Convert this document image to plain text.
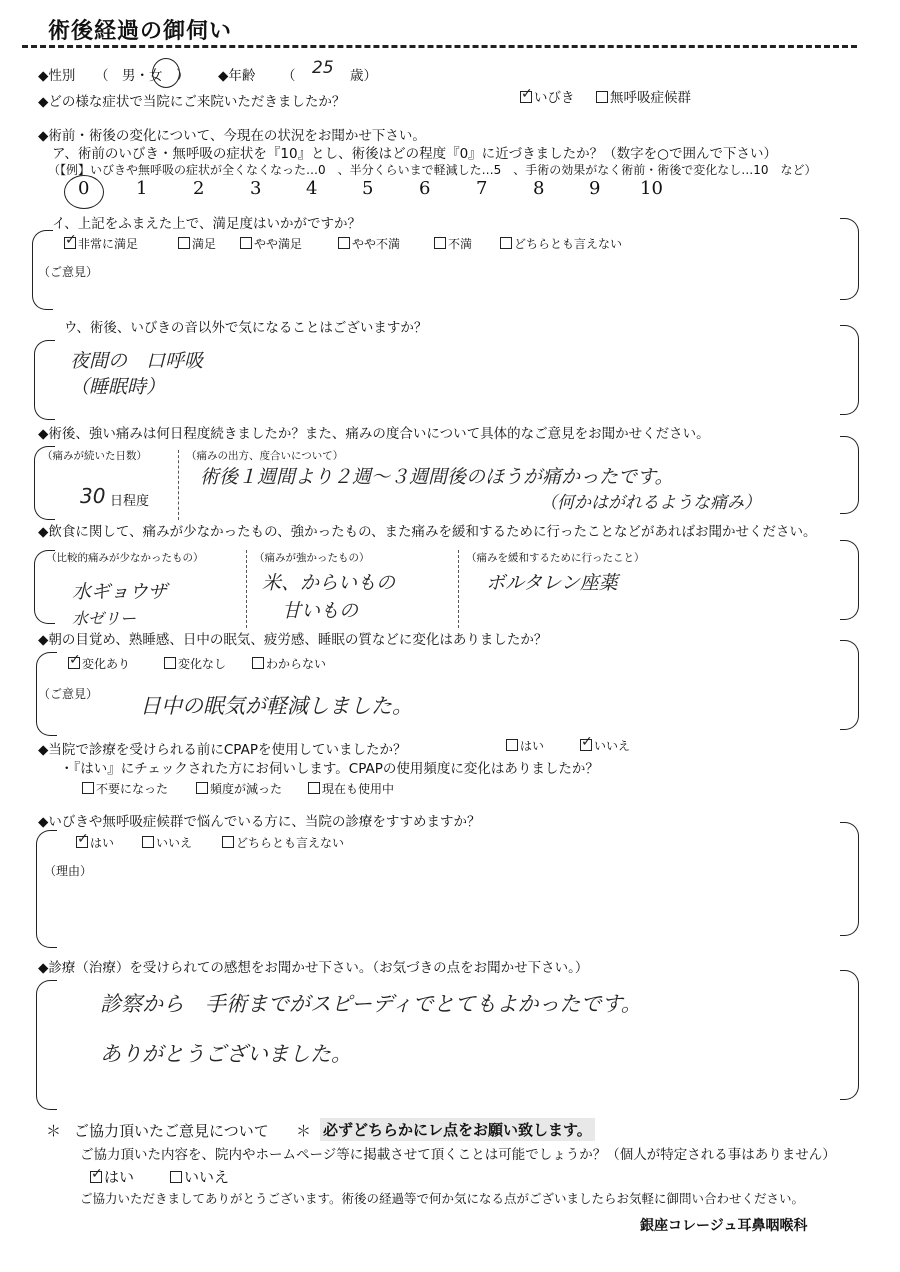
術後経過の御伺い
◆性別 （　男・女　） ◆年齢 （ 25 歳）
◆どの様な症状で当院にご来院いただきましたか？ ✓	いびき	無呼吸症候群
◆術前・術後の変化について、今現在の状況をお聞かせ下さい。
ア、術前のいびき・無呼吸の症状を『10』とし、術後はどの程度『0』に近づきましたか？（数字を○で囲んで下さい）
（【例】いびきや無呼吸の症状が全くなくなった…0　、半分くらいまで軽減した…5　、手術の効果がなく術前・術後で変化なし…10　など）
0	1	2	3 4 5	6	7	8 9 10
イ、上記をふまえた上で、満足度はいかがですか？
✓非常に満足	満足	やや満足	やや不満	不満	どちらとも言えない
（ご意見）
ウ、術後、いびきの音以外で気になることはございますか？
夜間の　口呼吸
（睡眠時）
◆術後、強い痛みは何日程度続きましたか？また、痛みの度合いについて具体的なご意見をお聞かせください。
（痛みが続いた日数）
30 日程度
（痛みの出方、度合いについて）
術後１週間より２週～３週間後のほうが痛かったです。
（何かはがれるような痛み）
◆飲食に関して、痛みが少なかったもの、強かったもの、また痛みを緩和するために行ったことなどがあればお聞かせください。
（比較的痛みが少なかったもの）
水ギョウザ
水ゼリー
（痛みが強かったもの）
米、からいもの
甘いもの
（痛みを緩和するために行ったこと）
ボルタレン座薬
◆朝の目覚め、熟睡感、日中の眠気、疲労感、睡眠の質などに変化はありましたか？
✓変化あり	変化なし	わからない
（ご意見） 日中の眠気が軽減しました。
◆当院で診療を受けられる前にCPAPを使用していましたか？	はい ✓	いいえ
・『はい』にチェックされた方にお伺いします。CPAPの使用頻度に変化はありましたか？
不要になった	頻度が減った	現在も使用中
◆いびきや無呼吸症候群で悩んでいる方に、当院の診療をすすめますか？
✓はい	いいえ	どちらとも言えない
（理由）
◆診療（治療）を受けられての感想をお聞かせ下さい。（お気づきの点をお聞かせ下さい。）
診察から　手術までがスピーディでとてもよかったです。
ありがとうございました。
＊ ご協力頂いたご意見について ＊ 必ずどちらかにレ点をお願い致します。
ご協力頂いた内容を、院内やホームページ等に掲載させて頂くことは可能でしょうか？（個人が特定される事はありません）
✓はい	いいえ
ご協力いただきましてありがとうございます。術後の経過等で何か気になる点がございましたらお気軽に御問い合わせください。
銀座コレージュ耳鼻咽喉科
